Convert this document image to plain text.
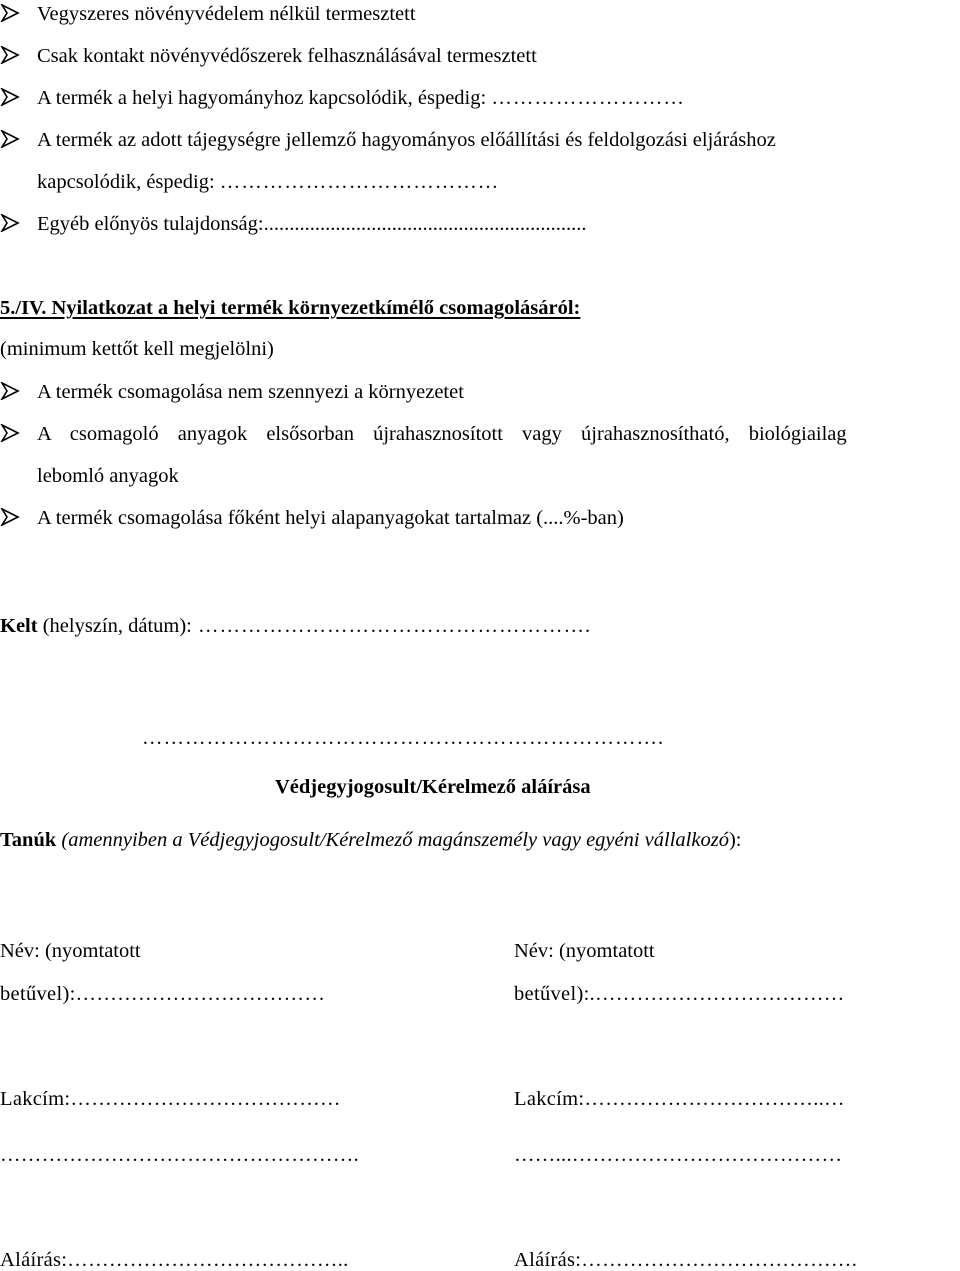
Vegyszeres növényvédelem nélkül termesztett
Csak kontakt növényvédőszerek felhasználásával termesztett
A termék a helyi hagyományhoz kapcsolódik, éspedig: ………………………
A termék az adott tájegységre jellemző hagyományos előállítási és feldolgozási eljáráshoz
kapcsolódik, éspedig: …………………………………
Egyéb előnyös tulajdonság:...............................................................
5./IV. Nyilatkozat a helyi termék környezetkímélő csomagolásáról:
(minimum kettőt kell megjelölni)
A termék csomagolása nem szennyezi a környezetet
A csomagoló anyagok elsősorban újrahasznosított vagy újrahasznosítható, biológiailag
lebomló anyagok
A termék csomagolása főként helyi alapanyagokat tartalmaz (....%-ban)
Kelt (helyszín, dátum): ……………………………………………….
……………………………………………………………….
Védjegyjogosult/Kérelmező aláírása
Tanúk (amennyiben a Védjegyjogosult/Kérelmező magánszemély vagy egyéni vállalkozó):
Név: (nyomtatott
betűvel):………………………………
Lakcím:…………………………………
…………………………………………….
Aláírás:…………………………………..
Név: (nyomtatott
betűvel):.………………………………
Lakcím:……………………………..…
……...…………………………………
Aláírás:………………………………….
